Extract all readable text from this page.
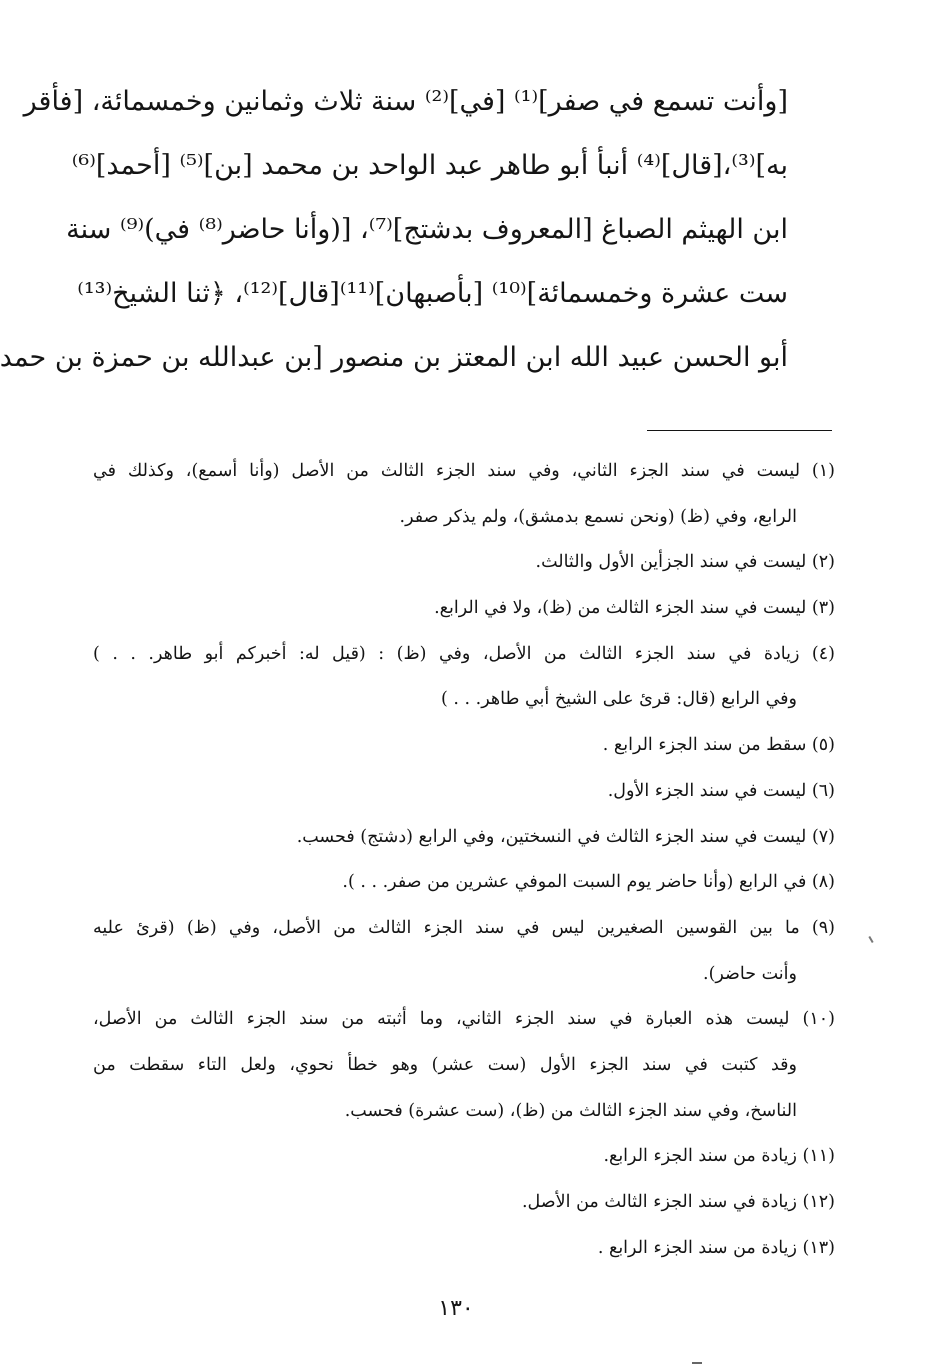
[وأنت تسمع في صفر]⁽¹⁾ [في]⁽²⁾ سنة ثلاث وثمانين وخمسمائة، [فأقر
به]⁽³⁾،[قال]⁽⁴⁾ أنبأ أبو طاهر عبد الواحد بن محمد [بن]⁽⁵⁾ [أحمد]⁽⁶⁾
ابن الهيثم الصباغ [المعروف بدشتج]⁽⁷⁾، [(وأنا حاضر⁽⁸⁾ في)⁽⁹⁾ سنة
ست عشرة وخمسمائة]⁽¹⁰⁾ [بأصبهان]⁽¹¹⁾[قال]⁽¹²⁾، ﴿ثنا الشيخ⁽¹³⁾
أبو الحسن عبيد الله ابن المعتز بن منصور [بن عبدالله بن حمزة بن حمد
(١) ليست في سند الجزء الثاني، وفي سند الجزء الثالث من الأصل (وأنا أسمع)، وكذلك في
الرابع، وفي (ظ) (ونحن نسمع بدمشق)، ولم يذكر صفر.
(٢) ليست في سند الجزأين الأول والثالث.
(٣) ليست في سند الجزء الثالث من (ظ)، ولا في الرابع.
(٤) زيادة في سند الجزء الثالث من الأصل، وفي (ظ) : (قيل له: أخبركم أبو طاهر. . . )
وفي الرابع (قال: قرئ على الشيخ أبي طاهر. . . )
(٥) سقط من سند الجزء الرابع .
(٦) ليست في سند الجزء الأول.
(٧) ليست في سند الجزء الثالث في النسختين، وفي الرابع (دشتج) فحسب.
(٨) في الرابع (وأنا حاضر يوم السبت الموفي عشرين من صفر. . . ).
(٩) ما بين القوسين الصغيرين ليس في سند الجزء الثالث من الأصل، وفي (ظ) (قرئ عليه
وأنت حاضر).
(١٠) ليست هذه العبارة في سند الجزء الثاني، وما أثبته من سند الجزء الثالث من الأصل،
وقد كتبت في سند الجزء الأول (ست عشر) وهو خطأ نحوي، ولعل التاء سقطت من
الناسخ، وفي سند الجزء الثالث من (ظ)، (ست عشرة) فحسب.
(١١) زيادة من سند الجزء الرابع.
(١٢) زيادة في سند الجزء الثالث من الأصل.
(١٣) زيادة من سند الجزء الرابع .
١٣٠
